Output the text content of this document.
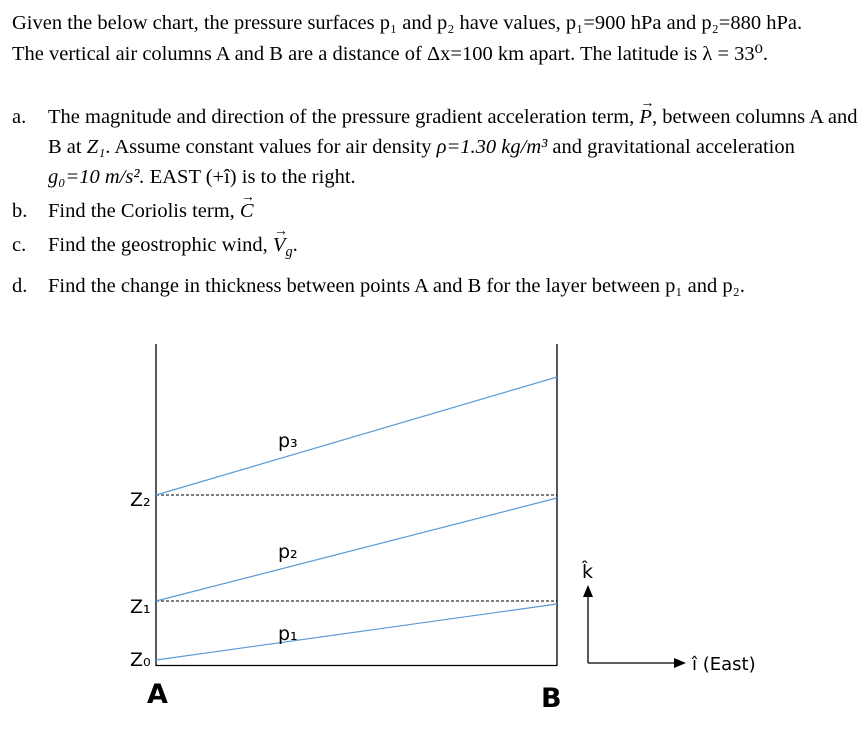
Given the below chart, the pressure surfaces p₁ and p₂ have values, p₁=900 hPa and p₂=880 hPa.
The vertical air columns A and B are a distance of Δx=100 km apart. The latitude is λ = 33⁰.
a. The magnitude and direction of the pressure gradient acceleration term, → P, between columns A and B at Z₁. Assume constant values for air density ρ=1.30 kg/m³ and gravitational acceleration g₀=10 m/s². EAST (+î) is to the right.
b. Find the Coriolis term, → C
c. Find the geostrophic wind, → $V_g$.
d. Find the change in thickness between points A and B for the layer between p₁ and p₂.
Z₂
Z₁
Z₀
p₃
p₂
p₁
A	B
k̂
î (East)
